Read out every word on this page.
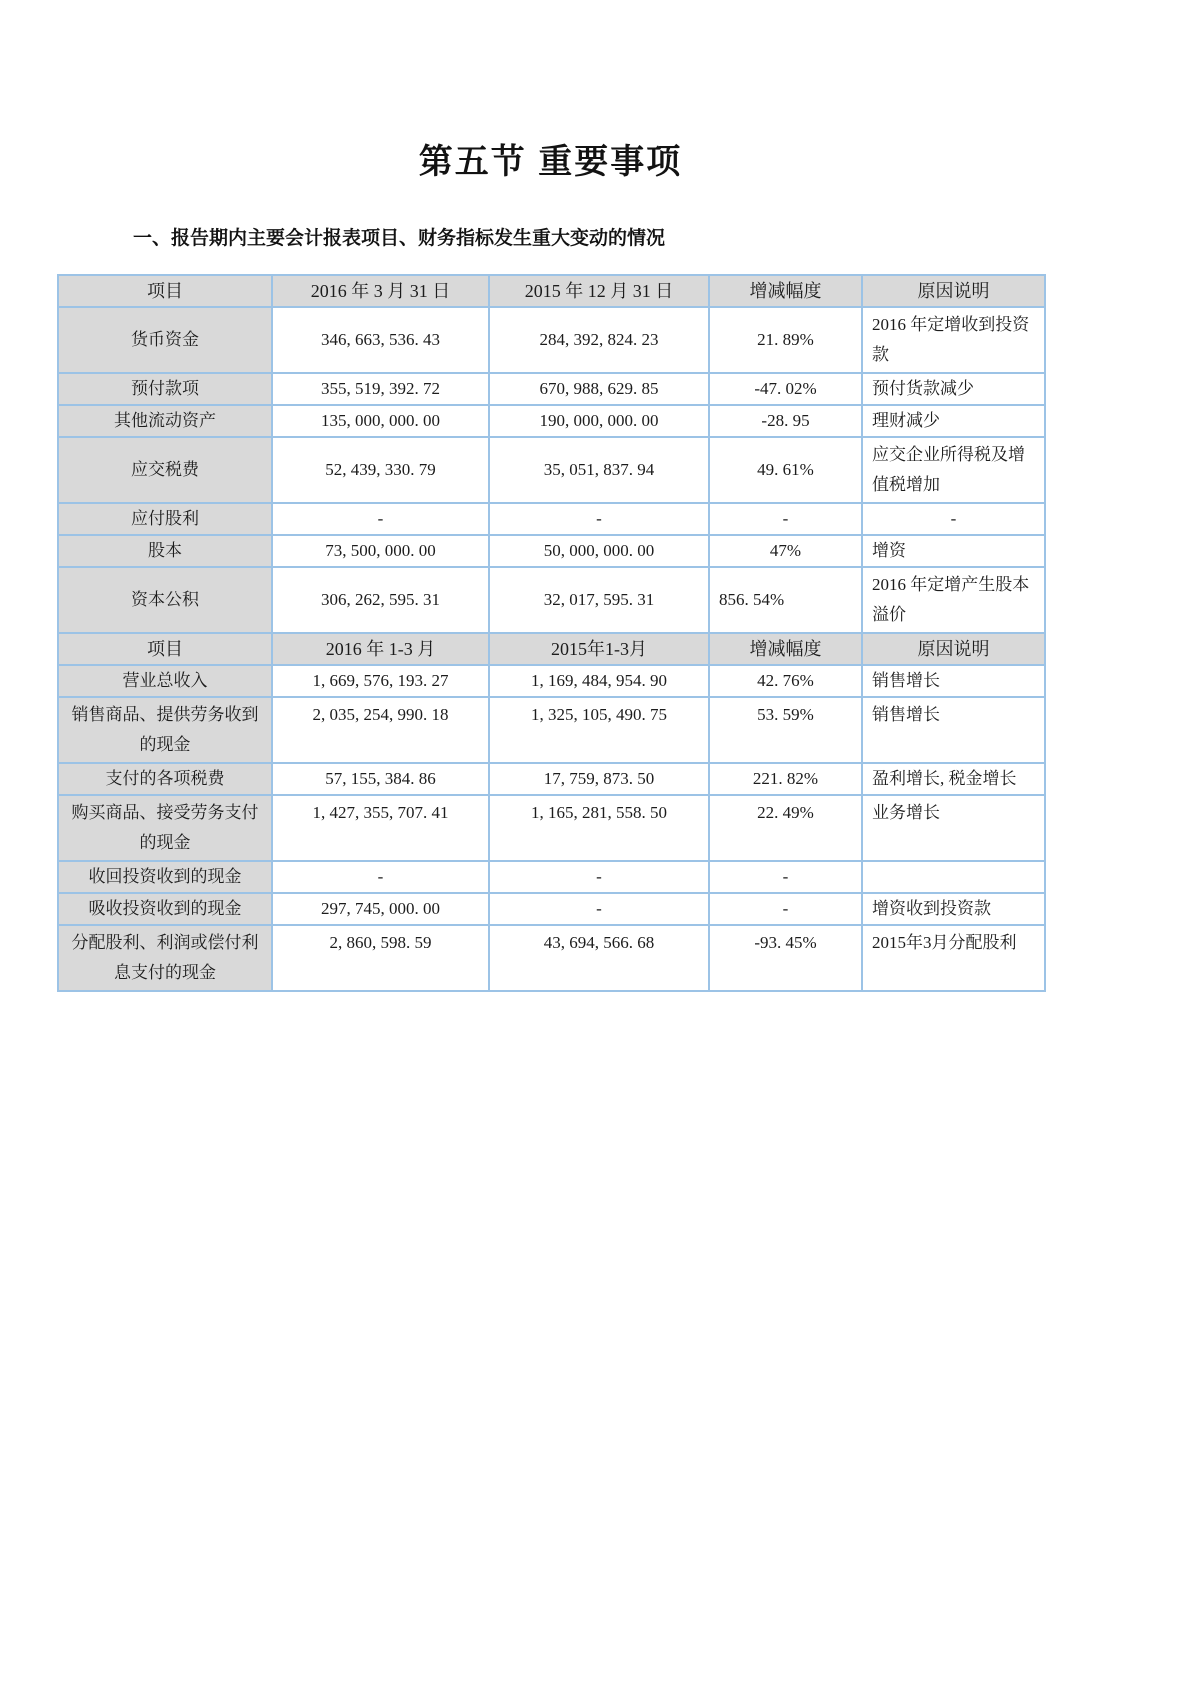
第五节 重要事项
一、报告期内主要会计报表项目、财务指标发生重大变动的情况
项目	2016 年 3 月 31 日	2015 年 12 月 31 日	增减幅度	原因说明
货币资金	346, 663, 536. 43	284, 392, 824. 23	21. 89%	2016 年定增收到投资款
预付款项	355, 519, 392. 72	670, 988, 629. 85	-47. 02%	预付货款减少
其他流动资产	135, 000, 000. 00	190, 000, 000. 00	-28. 95	理财减少
应交税费	52, 439, 330. 79	35, 051, 837. 94	49. 61%	应交企业所得税及增值税增加
应付股利	-	-	-	-
股本	73, 500, 000. 00	50, 000, 000. 00	47%	增资
资本公积	306, 262, 595. 31	32, 017, 595. 31	856. 54%	2016 年定增产生股本溢价
项目	2016 年 1-3 月	2015年1-3月	增减幅度	原因说明
营业总收入	1, 669, 576, 193. 27	1, 169, 484, 954. 90	42. 76%	销售增长
销售商品、提供劳务收到的现金	2, 035, 254, 990. 18	1, 325, 105, 490. 75	53. 59%	销售增长
支付的各项税费	57, 155, 384. 86	17, 759, 873. 50	221. 82%	盈利增长, 税金增长
购买商品、接受劳务支付的现金	1, 427, 355, 707. 41	1, 165, 281, 558. 50	22. 49%	业务增长
收回投资收到的现金	-	-	-	
吸收投资收到的现金	297, 745, 000. 00	-	-	增资收到投资款
分配股利、利润或偿付利息支付的现金	2, 860, 598. 59	43, 694, 566. 68	-93. 45%	2015年3月分配股利
